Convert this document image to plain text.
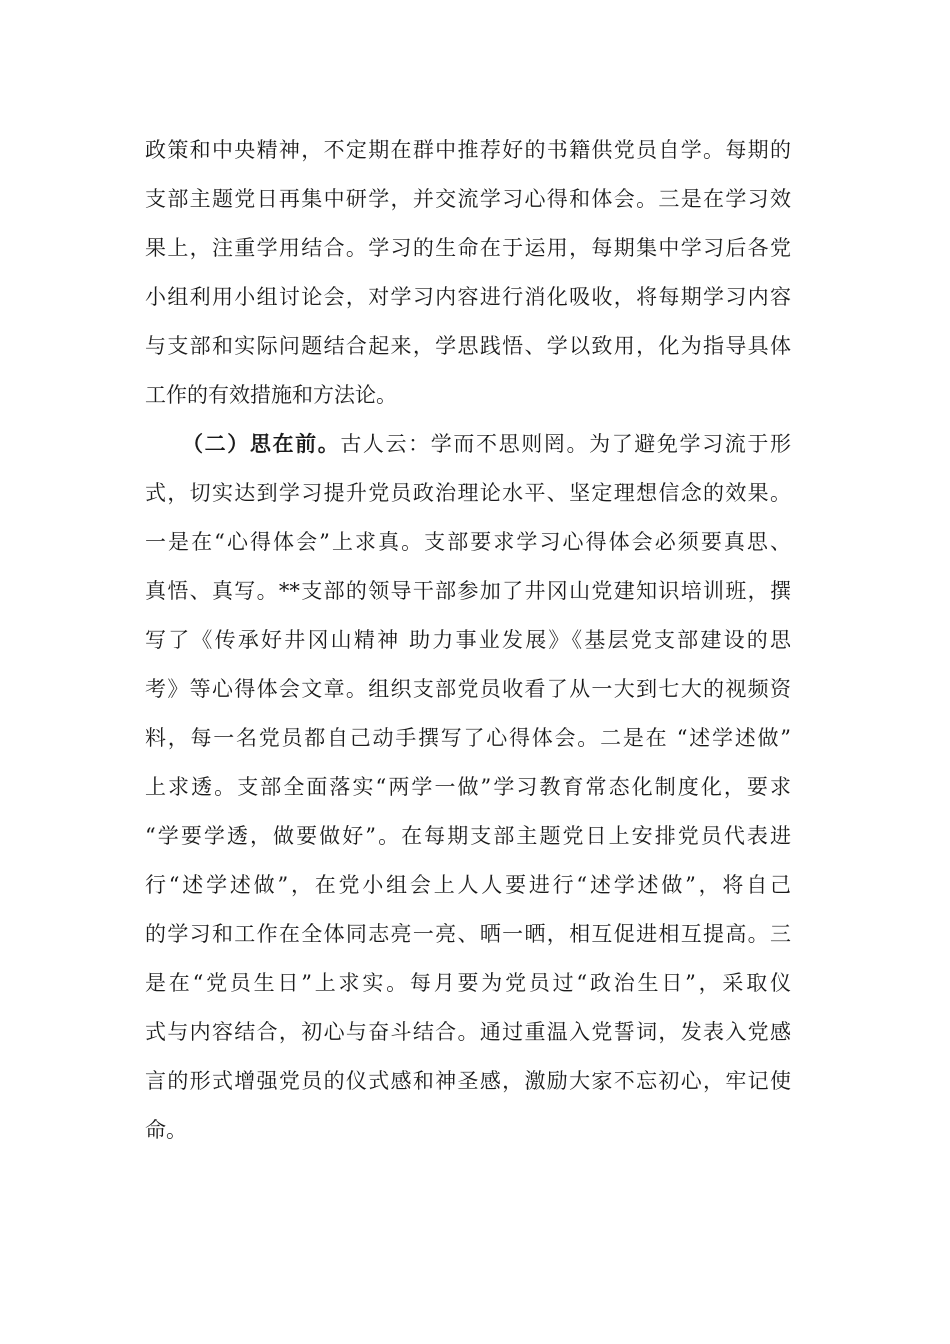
政策和中央精神，不定期在群中推荐好的书籍供党员自学。每期的
支部主题党日再集中研学，并交流学习心得和体会。三是在学习效
果上，注重学用结合。学习的生命在于运用，每期集中学习后各党
小组利用小组讨论会，对学习内容进行消化吸收，将每期学习内容
与支部和实际问题结合起来，学思践悟、学以致用，化为指导具体
工作的有效措施和方法论。
（二）思在前。古人云：学而不思则罔。为了避免学习流于形
式，切实达到学习提升党员政治理论水平、坚定理想信念的效果。
一是在“心得体会”上求真。支部要求学习心得体会必须要真思、
真悟、真写。**支部的领导干部参加了井冈山党建知识培训班，撰
写了《传承好井冈山精神 助力事业发展》《基层党支部建设的思
考》等心得体会文章。组织支部党员收看了从一大到七大的视频资
料，每一名党员都自己动手撰写了心得体会。二是在 “述学述做”
上求透。支部全面落实“两学一做”学习教育常态化制度化，要求
“学要学透，做要做好”。在每期支部主题党日上安排党员代表进
行“述学述做”，在党小组会上人人要进行“述学述做”，将自己
的学习和工作在全体同志亮一亮、晒一晒，相互促进相互提高。三
是在“党员生日”上求实。每月要为党员过“政治生日”，采取仪
式与内容结合，初心与奋斗结合。通过重温入党誓词，发表入党感
言的形式增强党员的仪式感和神圣感，激励大家不忘初心，牢记使
命。
